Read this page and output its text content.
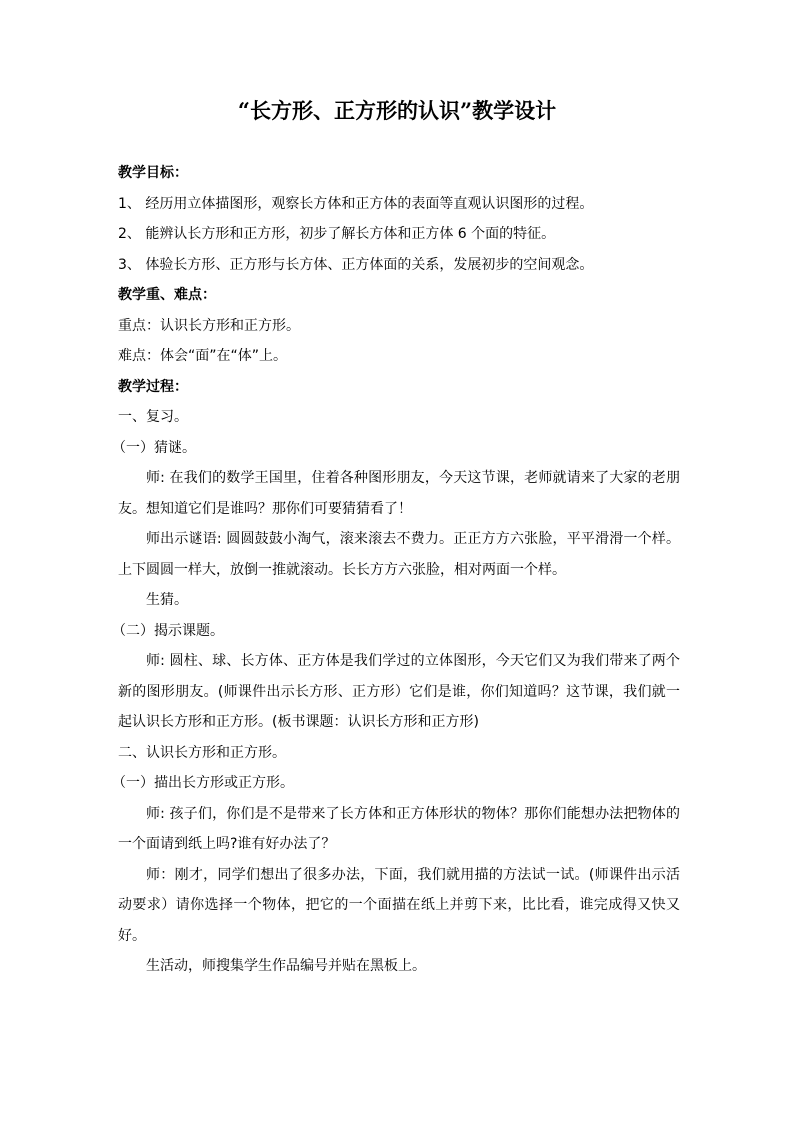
“长方形、正方形的认识”教学设计
教学目标：
1、 经历用立体描图形，观察长方体和正方体的表面等直观认识图形的过程。
2、 能辨认长方形和正方形，初步了解长方体和正方体 6 个面的特征。
3、 体验长方形、正方形与长方体、正方体面的关系，发展初步的空间观念。
教学重、难点：
重点：认识长方形和正方形。
难点：体会“面”在“体”上。
教学过程：
一、复习。
（一）猜谜。
师: 在我们的数学王国里，住着各种图形朋友，今天这节课，老师就请来了大家的老朋友。想知道它们是谁吗？那你们可要猜猜看了！
师出示谜语: 圆圆鼓鼓小淘气，滚来滚去不费力。正正方方六张脸，平平滑滑一个样。上下圆圆一样大，放倒一推就滚动。长长方方六张脸，相对两面一个样。
生猜。
（二）揭示课题。
师: 圆柱、球、长方体、正方体是我们学过的立体图形，今天它们又为我们带来了两个新的图形朋友。(师课件出示长方形、正方形）它们是谁，你们知道吗？这节课，我们就一起认识长方形和正方形。(板书课题：认识长方形和正方形)
二、认识长方形和正方形。
（一）描出长方形或正方形。
师: 孩子们，你们是不是带来了长方体和正方体形状的物体？那你们能想办法把物体的一个面请到纸上吗?谁有好办法了？
师：刚才，同学们想出了很多办法，下面，我们就用描的方法试一试。(师课件出示活动要求）请你选择一个物体，把它的一个面描在纸上并剪下来，比比看，谁完成得又快又好。
生活动，师搜集学生作品编号并贴在黑板上。
